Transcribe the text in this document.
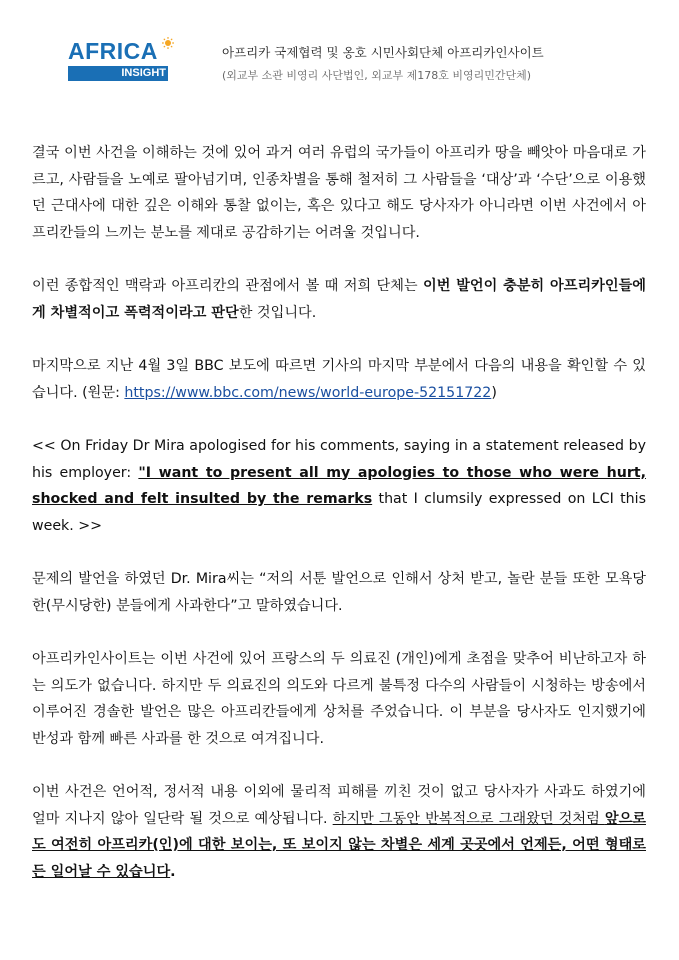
AFRICA
INSIGHT
아프리카 국제협력 및 옹호 시민사회단체 아프리카인사이트
(외교부 소관 비영리 사단법인, 외교부 제178호 비영리민간단체)

결국 이번 사건을 이해하는 것에 있어 과거 여러 유럽의 국가들이 아프리카 땅을 빼앗아 마음대로 가르고, 사람들을 노예로 팔아넘기며, 인종차별을 통해 철저히 그 사람들을 ‘대상’과 ‘수단’으로 이용했던 근대사에 대한 깊은 이해와 통찰 없이는, 혹은 있다고 해도 당사자가 아니라면 이번 사건에서 아프리칸들의 느끼는 분노를 제대로 공감하기는 어려울 것입니다.

이런 종합적인 맥락과 아프리칸의 관점에서 볼 때 저희 단체는 이번 발언이 충분히 아프리카인들에게 차별적이고 폭력적이라고 판단한 것입니다.

마지막으로 지난 4월 3일 BBC 보도에 따르면 기사의 마지막 부분에서 다음의 내용을 확인할 수 있습니다. (원문: https://www.bbc.com/news/world-europe-52151722)

<< On Friday Dr Mira apologised for his comments, saying in a statement released by his employer: "I want to present all my apologies to those who were hurt, shocked and felt insulted by the remarks that I clumsily expressed on LCI this week. >>

문제의 발언을 하였던 Dr. Mira씨는 “저의 서툰 발언으로 인해서 상처 받고, 놀란 분들 또한 모욕당한(무시당한) 분들에게 사과한다”고 말하였습니다.

아프리카인사이트는 이번 사건에 있어 프랑스의 두 의료진 (개인)에게 초점을 맞추어 비난하고자 하는 의도가 없습니다. 하지만 두 의료진의 의도와 다르게 불특정 다수의 사람들이 시청하는 방송에서 이루어진 경솔한 발언은 많은 아프리칸들에게 상처를 주었습니다. 이 부분을 당사자도 인지했기에 반성과 함께 빠른 사과를 한 것으로 여겨집니다.

이번 사건은 언어적, 정서적 내용 이외에 물리적 피해를 끼친 것이 없고 당사자가 사과도 하였기에 얼마 지나지 않아 일단락 될 것으로 예상됩니다. 하지만 그동안 반복적으로 그래왔던 것처럼 앞으로도 여전히 아프리카(인)에 대한 보이는, 또 보이지 않는 차별은 세계 곳곳에서 언제든, 어떤 형태로든 일어날 수 있습니다.
